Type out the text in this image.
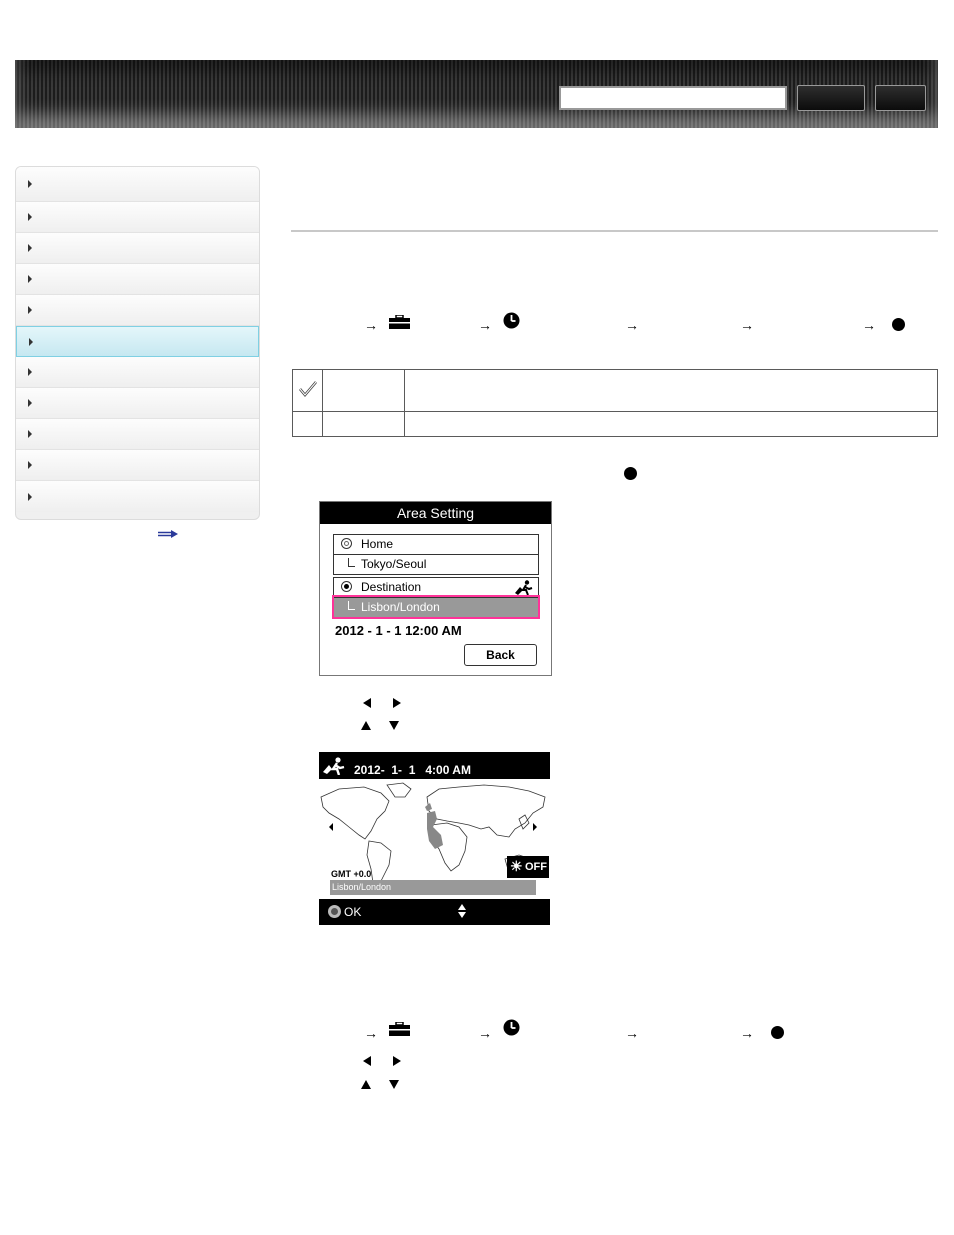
→	→	→	→	→

Area Setting
Home
Tokyo/Seoul
Destination
Lisbon/London
2012 - 1 - 1 12:00 AM
Back
2012-  1-  1   4:00 AM
GMT +0.0
Lisbon/London
☀ OFF
OK
→	→	→	→
